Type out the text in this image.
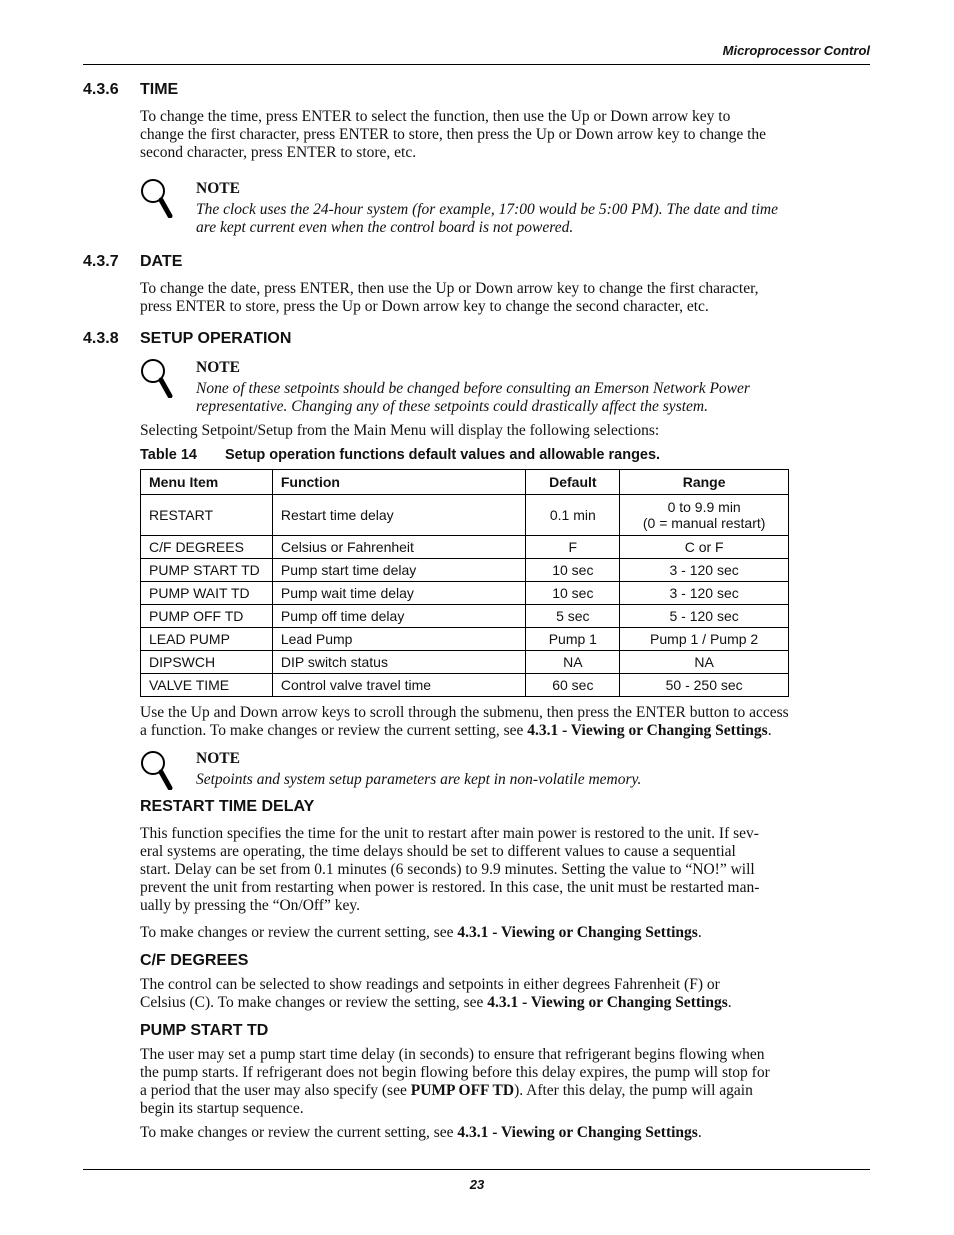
Microprocessor Control
4.3.6 TIME
To change the time, press ENTER to select the function, then use the Up or Down arrow key to
change the first character, press ENTER to store, then press the Up or Down arrow key to change the
second character, press ENTER to store, etc.
NOTE
The clock uses the 24-hour system (for example, 17:00 would be 5:00 PM). The date and time
are kept current even when the control board is not powered.
4.3.7 DATE
To change the date, press ENTER, then use the Up or Down arrow key to change the first character,
press ENTER to store, press the Up or Down arrow key to change the second character, etc.
4.3.8 SETUP OPERATION
NOTE
None of these setpoints should be changed before consulting an Emerson Network Power
representative. Changing any of these setpoints could drastically affect the system.
Selecting Setpoint/Setup from the Main Menu will display the following selections:
Table 14 Setup operation functions default values and allowable ranges.
Menu Item	Function	Default	Range
RESTART	Restart time delay	0.1 min	0 to 9.9 min
(0 = manual restart)

C/F DEGREES	Celsius or Fahrenheit	F	C or F
PUMP START TD	Pump start time delay	10 sec	3 - 120 sec
PUMP WAIT TD	Pump wait time delay	10 sec	3 - 120 sec
PUMP OFF TD	Pump off time delay	5 sec	5 - 120 sec
LEAD PUMP	Lead Pump	Pump 1	Pump 1 / Pump 2
DIPSWCH	DIP switch status	NA	NA
VALVE TIME	Control valve travel time	60 sec	50 - 250 sec
Use the Up and Down arrow keys to scroll through the submenu, then press the ENTER button to access
a function. To make changes or review the current setting, see 4.3.1 - Viewing or Changing Settings.
NOTE
Setpoints and system setup parameters are kept in non-volatile memory.
RESTART TIME DELAY
This function specifies the time for the unit to restart after main power is restored to the unit. If sev-
eral systems are operating, the time delays should be set to different values to cause a sequential
start. Delay can be set from 0.1 minutes (6 seconds) to 9.9 minutes. Setting the value to “NO!” will
prevent the unit from restarting when power is restored. In this case, the unit must be restarted man-
ually by pressing the “On/Off” key.
To make changes or review the current setting, see 4.3.1 - Viewing or Changing Settings.
C/F DEGREES
The control can be selected to show readings and setpoints in either degrees Fahrenheit (F) or
Celsius (C). To make changes or review the setting, see 4.3.1 - Viewing or Changing Settings.
PUMP START TD
The user may set a pump start time delay (in seconds) to ensure that refrigerant begins flowing when
the pump starts. If refrigerant does not begin flowing before this delay expires, the pump will stop for
a period that the user may also specify (see PUMP OFF TD). After this delay, the pump will again
begin its startup sequence.
To make changes or review the current setting, see 4.3.1 - Viewing or Changing Settings.
23
